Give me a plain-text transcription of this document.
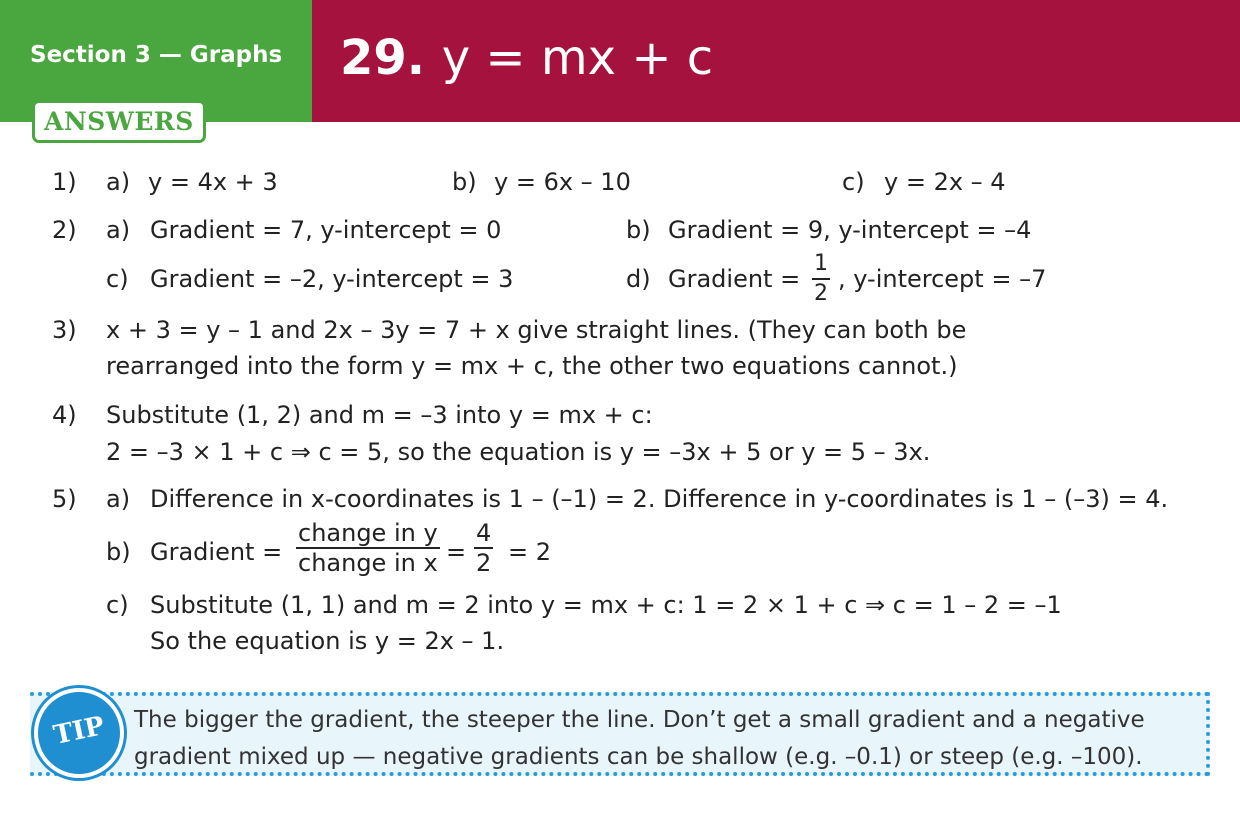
Section 3 — Graphs
ANSWERS
29. y = mx + c
1) a) y = 4x + 3	b) y = 6x – 10	c) y = 2x – 4
2) a) Gradient = 7, y-intercept = 0	b) Gradient = 9, y-intercept = –4
c) Gradient = –2, y-intercept = 3	d) Gradient = $\frac{1}{2}$ , y-intercept = –7
3) x + 3 = y – 1 and 2x – 3y = 7 + x give straight lines. (They can both be
rearranged into the form y = mx + c, the other two equations cannot.)
4) Substitute (1, 2) and m = –3 into y = mx + c:
2 = –3 × 1 + c ⇒ c = 5, so the equation is y = –3x + 5 or y = 5 – 3x.
5) a) Difference in x-coordinates is 1 – (–1) = 2. Difference in y-coordinates is 1 – (–3) = 4.
b) Gradient =
change in y
change in $x = \frac{4}{2} = 2$
c) Substitute (1, 1) and m = 2 into y = mx + c: 1 = 2 × 1 + c ⇒ c = 1 – 2 = –1
So the equation is y = 2x – 1.
TIP	The bigger the gradient, the steeper the line. Don’t get a small gradient and a negative
gradient mixed up — negative gradients can be shallow (e.g. –0.1) or steep (e.g. –100).
